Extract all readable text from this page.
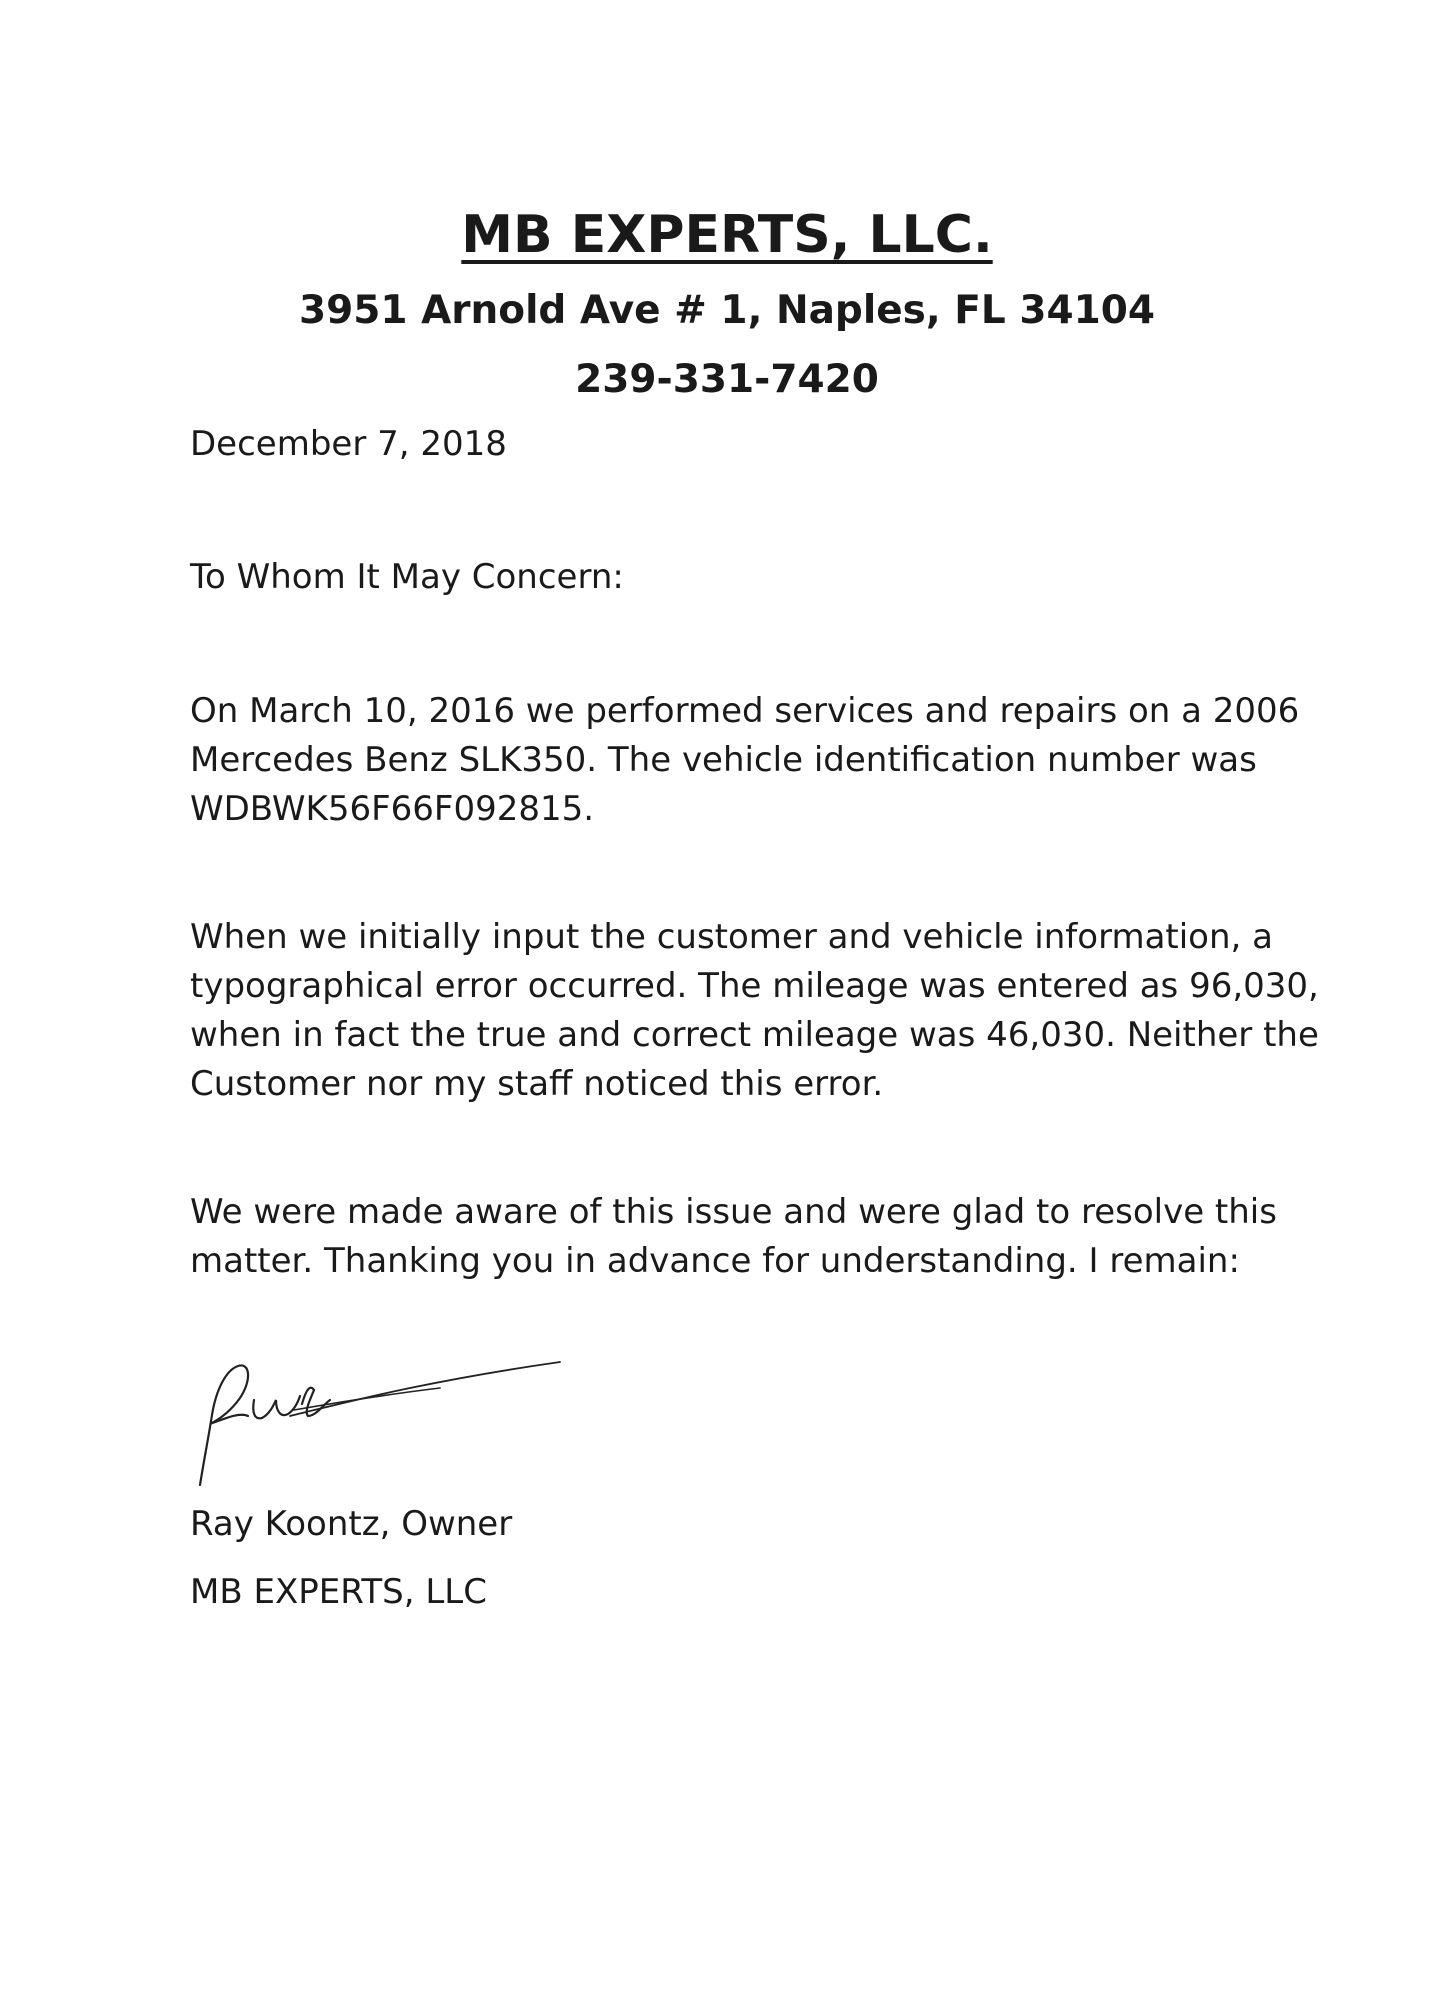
MB EXPERTS, LLC.
3951 Arnold Ave # 1, Naples, FL 34104
239-331-7420
December 7, 2018
To Whom It May Concern:

On March 10, 2016 we performed services and repairs on a 2006 Mercedes Benz SLK350. The vehicle identification number was WDBWK56F66F092815.

When we initially input the customer and vehicle information, a typographical error occurred. The mileage was entered as 96,030, when in fact the true and correct mileage was 46,030. Neither the Customer nor my staff noticed this error.

We were made aware of this issue and were glad to resolve this matter. Thanking you in advance for understanding. I remain:

Ray Koontz, Owner
MB EXPERTS, LLC
